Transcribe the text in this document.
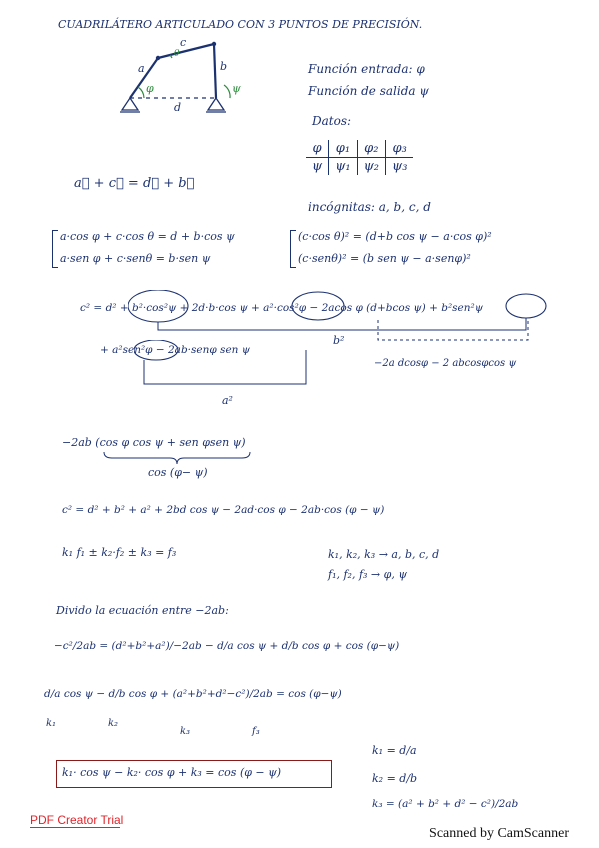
CUADRILÁTERO ARTICULADO CON 3 PUNTOS DE PRECISIÓN.
a
c
b
d
φ	ψ
θ
Función entrada: φ
Función de salida ψ
Datos:
φ	φ₁	φ₂	φ₃
ψ	ψ₁	ψ₂	ψ₃
a⃗ + c⃗ = d⃗ + b⃗
incógnitas: a, b, c, d
a·cos φ + c·cos θ = d + b·cos ψ
a·sen φ + c·senθ = b·sen ψ
(c·cos θ)² = (d+b cos ψ − a·cos φ)²
(c·senθ)² = (b sen ψ − a·senφ)²
c² = d² + b²·cos²ψ + 2d·b·cos ψ + a²·cos²φ − 2acos φ (d+bcos ψ) + b²sen²ψ
b²
+ a²sen²φ − 2ab·senφ sen ψ
−2a dcosφ − 2 abcosφcos ψ
a²
−2ab (cos φ cos ψ + sen φsen ψ)
cos (φ− ψ)
c² = d² + b² + a² + 2bd cos ψ − 2ad·cos φ − 2ab·cos (φ − ψ)
k₁ f₁ ± k₂·f₂ ± k₃ = f₃	k₁, k₂, k₃ → a, b, c, d
f₁, f₂, f₃ → φ, ψ
Divido la ecuación entre −2ab:
−c²/2ab = (d²+b²+a²)/−2ab − d/a cos ψ + d/b cos φ + cos (φ−ψ)
d/a cos ψ − d/b cos φ + (a²+b²+d²−c²)/2ab = cos (φ−ψ)
k₁	k₂
k₃	f₃
k₁· cos ψ − k₂· cos φ + k₃ = cos (φ − ψ)
k₁ = d/a
k₂ = d/b
k₃ = (a² + b² + d² − c²)/2ab
PDF Creator Trial
Scanned by CamScanner
